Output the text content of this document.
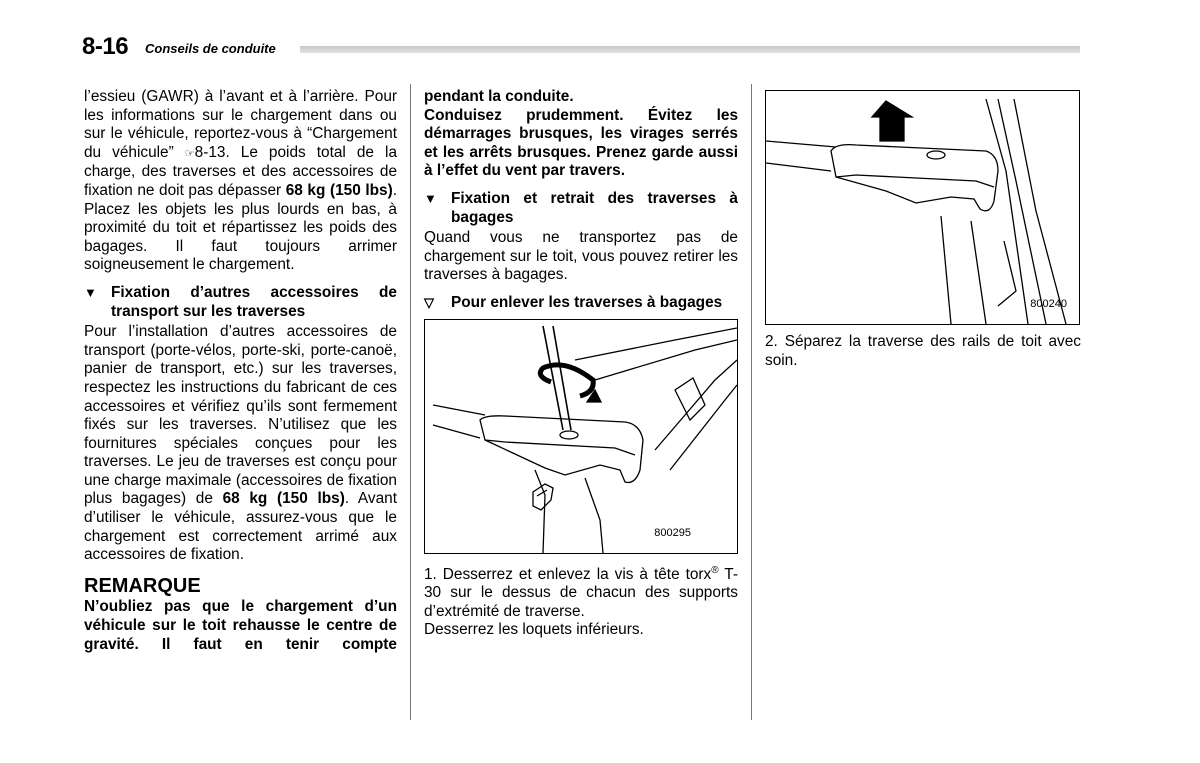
8-16 Conseils de conduite

l’essieu (GAWR) à l’avant et à l’arrière. Pour les informations sur le chargement dans ou sur le véhicule, reportez-vous à “Chargement du véhicule” ☞8-13. Le poids total de la charge, des traverses et des accessoires de fixation ne doit pas dépasser 68 kg (150 lbs). Placez les objets les plus lourds en bas, à proximité du toit et répartissez les poids des bagages. Il faut toujours arrimer soigneusement le chargement.

▼ Fixation d’autres accessoires de transport sur les traverses

Pour l’installation d’autres accessoires de transport (porte-vélos, porte-ski, porte-canoë, panier de transport, etc.) sur les traverses, respectez les instructions du fabricant de ces accessoires et vérifiez qu’ils sont fermement fixés sur les traverses. N’utilisez que les fournitures spéciales conçues pour les traverses. Le jeu de traverses est conçu pour une charge maximale (accessoires de fixation plus bagages) de 68 kg (150 lbs). Avant d’utiliser le véhicule, assurez-vous que le chargement est correctement arrimé aux accessoires de fixation.

REMARQUE

N’oubliez pas que le chargement d’un véhicule sur le toit rehausse le centre de gravité. Il faut en tenir compte

pendant la conduite.

Conduisez prudemment. Évitez les démarrages brusques, les virages serrés et les arrêts brusques. Prenez garde aussi à l’effet du vent par travers.

▼ Fixation et retrait des traverses à bagages

Quand vous ne transportez pas de chargement sur le toit, vous pouvez retirer les traverses à bagages.

▽	Pour enlever les traverses à bagages
800295

1. Desserrez et enlevez la vis à tête torx® T-30 sur le dessus de chacun des supports d’extrémité de traverse.

Desserrez les loquets inférieurs.

800240

2. Séparez la traverse des rails de toit avec soin.
